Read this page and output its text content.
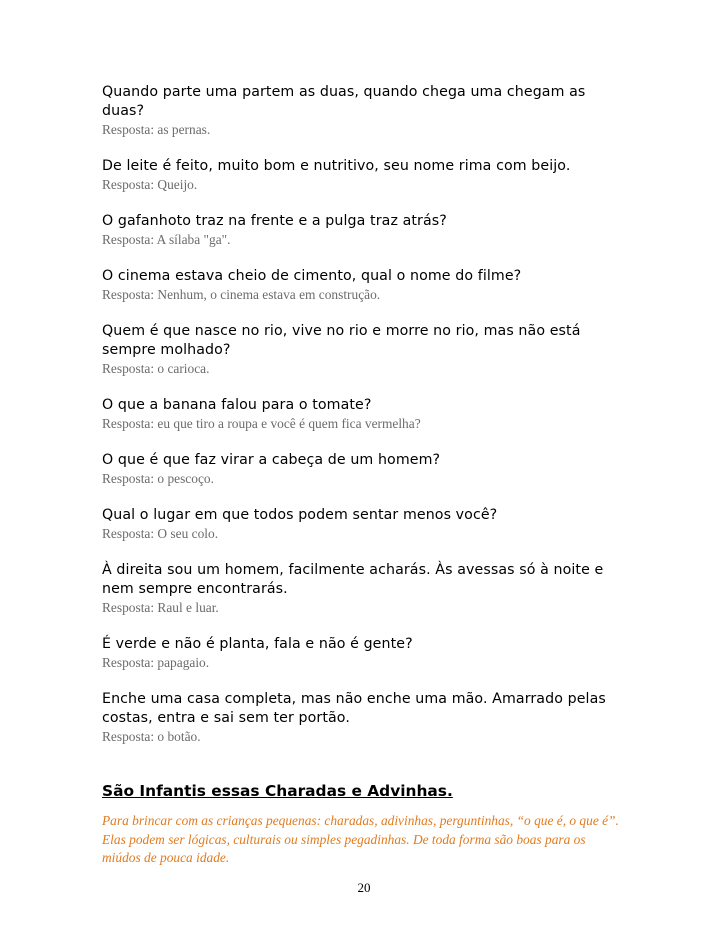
Quando parte uma partem as duas, quando chega uma chegam as duas?
Resposta: as pernas.
De leite é feito, muito bom e nutritivo, seu nome rima com beijo.
Resposta: Queijo.
O gafanhoto traz na frente e a pulga traz atrás?
Resposta: A sílaba "ga".
O cinema estava cheio de cimento, qual o nome do filme?
Resposta: Nenhum, o cinema estava em construção.
Quem é que nasce no rio, vive no rio e morre no rio, mas não está sempre molhado?
Resposta: o carioca.
O que a banana falou para o tomate?
Resposta: eu que tiro a roupa e você é quem fica vermelha?
O que é que faz virar a cabeça de um homem?
Resposta: o pescoço.
Qual o lugar em que todos podem sentar menos você?
Resposta: O seu colo.
À direita sou um homem, facilmente acharás. Às avessas só à noite e nem sempre encontrarás.
Resposta: Raul e luar.
É verde e não é planta, fala e não é gente?
Resposta: papagaio.
Enche uma casa completa, mas não enche uma mão. Amarrado pelas costas, entra e sai sem ter portão.
Resposta: o botão.
São Infantis essas Charadas e Advinhas.
Para brincar com as crianças pequenas: charadas, adivinhas, perguntinhas, “o que é, o que é”. Elas podem ser lógicas, culturais ou simples pegadinhas. De toda forma são boas para os miúdos de pouca idade.
20
